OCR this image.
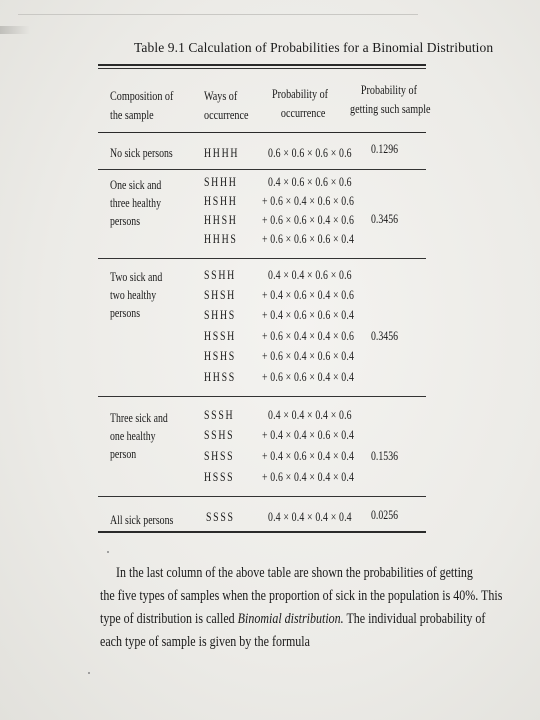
Table 9.1 Calculation of Probabilities for a Binomial Distribution
Composition of
the sample
Ways of
occurrence
Probability of
occurrence
Probability of
getting such sample
No sick persons HHHH 0.6 × 0.6 × 0.6 × 0.6 0.1296
One sick and
three healthy
persons
SHHH
HSHH
HHSH
HHHS
0.4 × 0.6 × 0.6 × 0.6
+ 0.6 × 0.4 × 0.6 × 0.6
+ 0.6 × 0.6 × 0.4 × 0.6
+ 0.6 × 0.6 × 0.6 × 0.4
0.3456
Two sick and
two healthy
persons
SSHH
SHSH
SHHS
HSSH
HSHS
HHSS
0.4 × 0.4 × 0.6 × 0.6
+ 0.4 × 0.6 × 0.4 × 0.6
+ 0.4 × 0.6 × 0.6 × 0.4
+ 0.6 × 0.4 × 0.4 × 0.6
+ 0.6 × 0.4 × 0.6 × 0.4
+ 0.6 × 0.6 × 0.4 × 0.4
0.3456
Three sick and
one healthy
person
SSSH
SSHS
SHSS
HSSS
0.4 × 0.4 × 0.4 × 0.6
+ 0.4 × 0.4 × 0.6 × 0.4
+ 0.4 × 0.6 × 0.4 × 0.4
+ 0.6 × 0.4 × 0.4 × 0.4
0.1536
All sick persons	SSSS	0.4 × 0.4 × 0.4 × 0.4 0.0256
In the last column of the above table are shown the probabilities of getting
the five types of samples when the proportion of sick in the population is 40%. This
type of distribution is called Binomial distribution. The individual probability of
each type of sample is given by the formula
